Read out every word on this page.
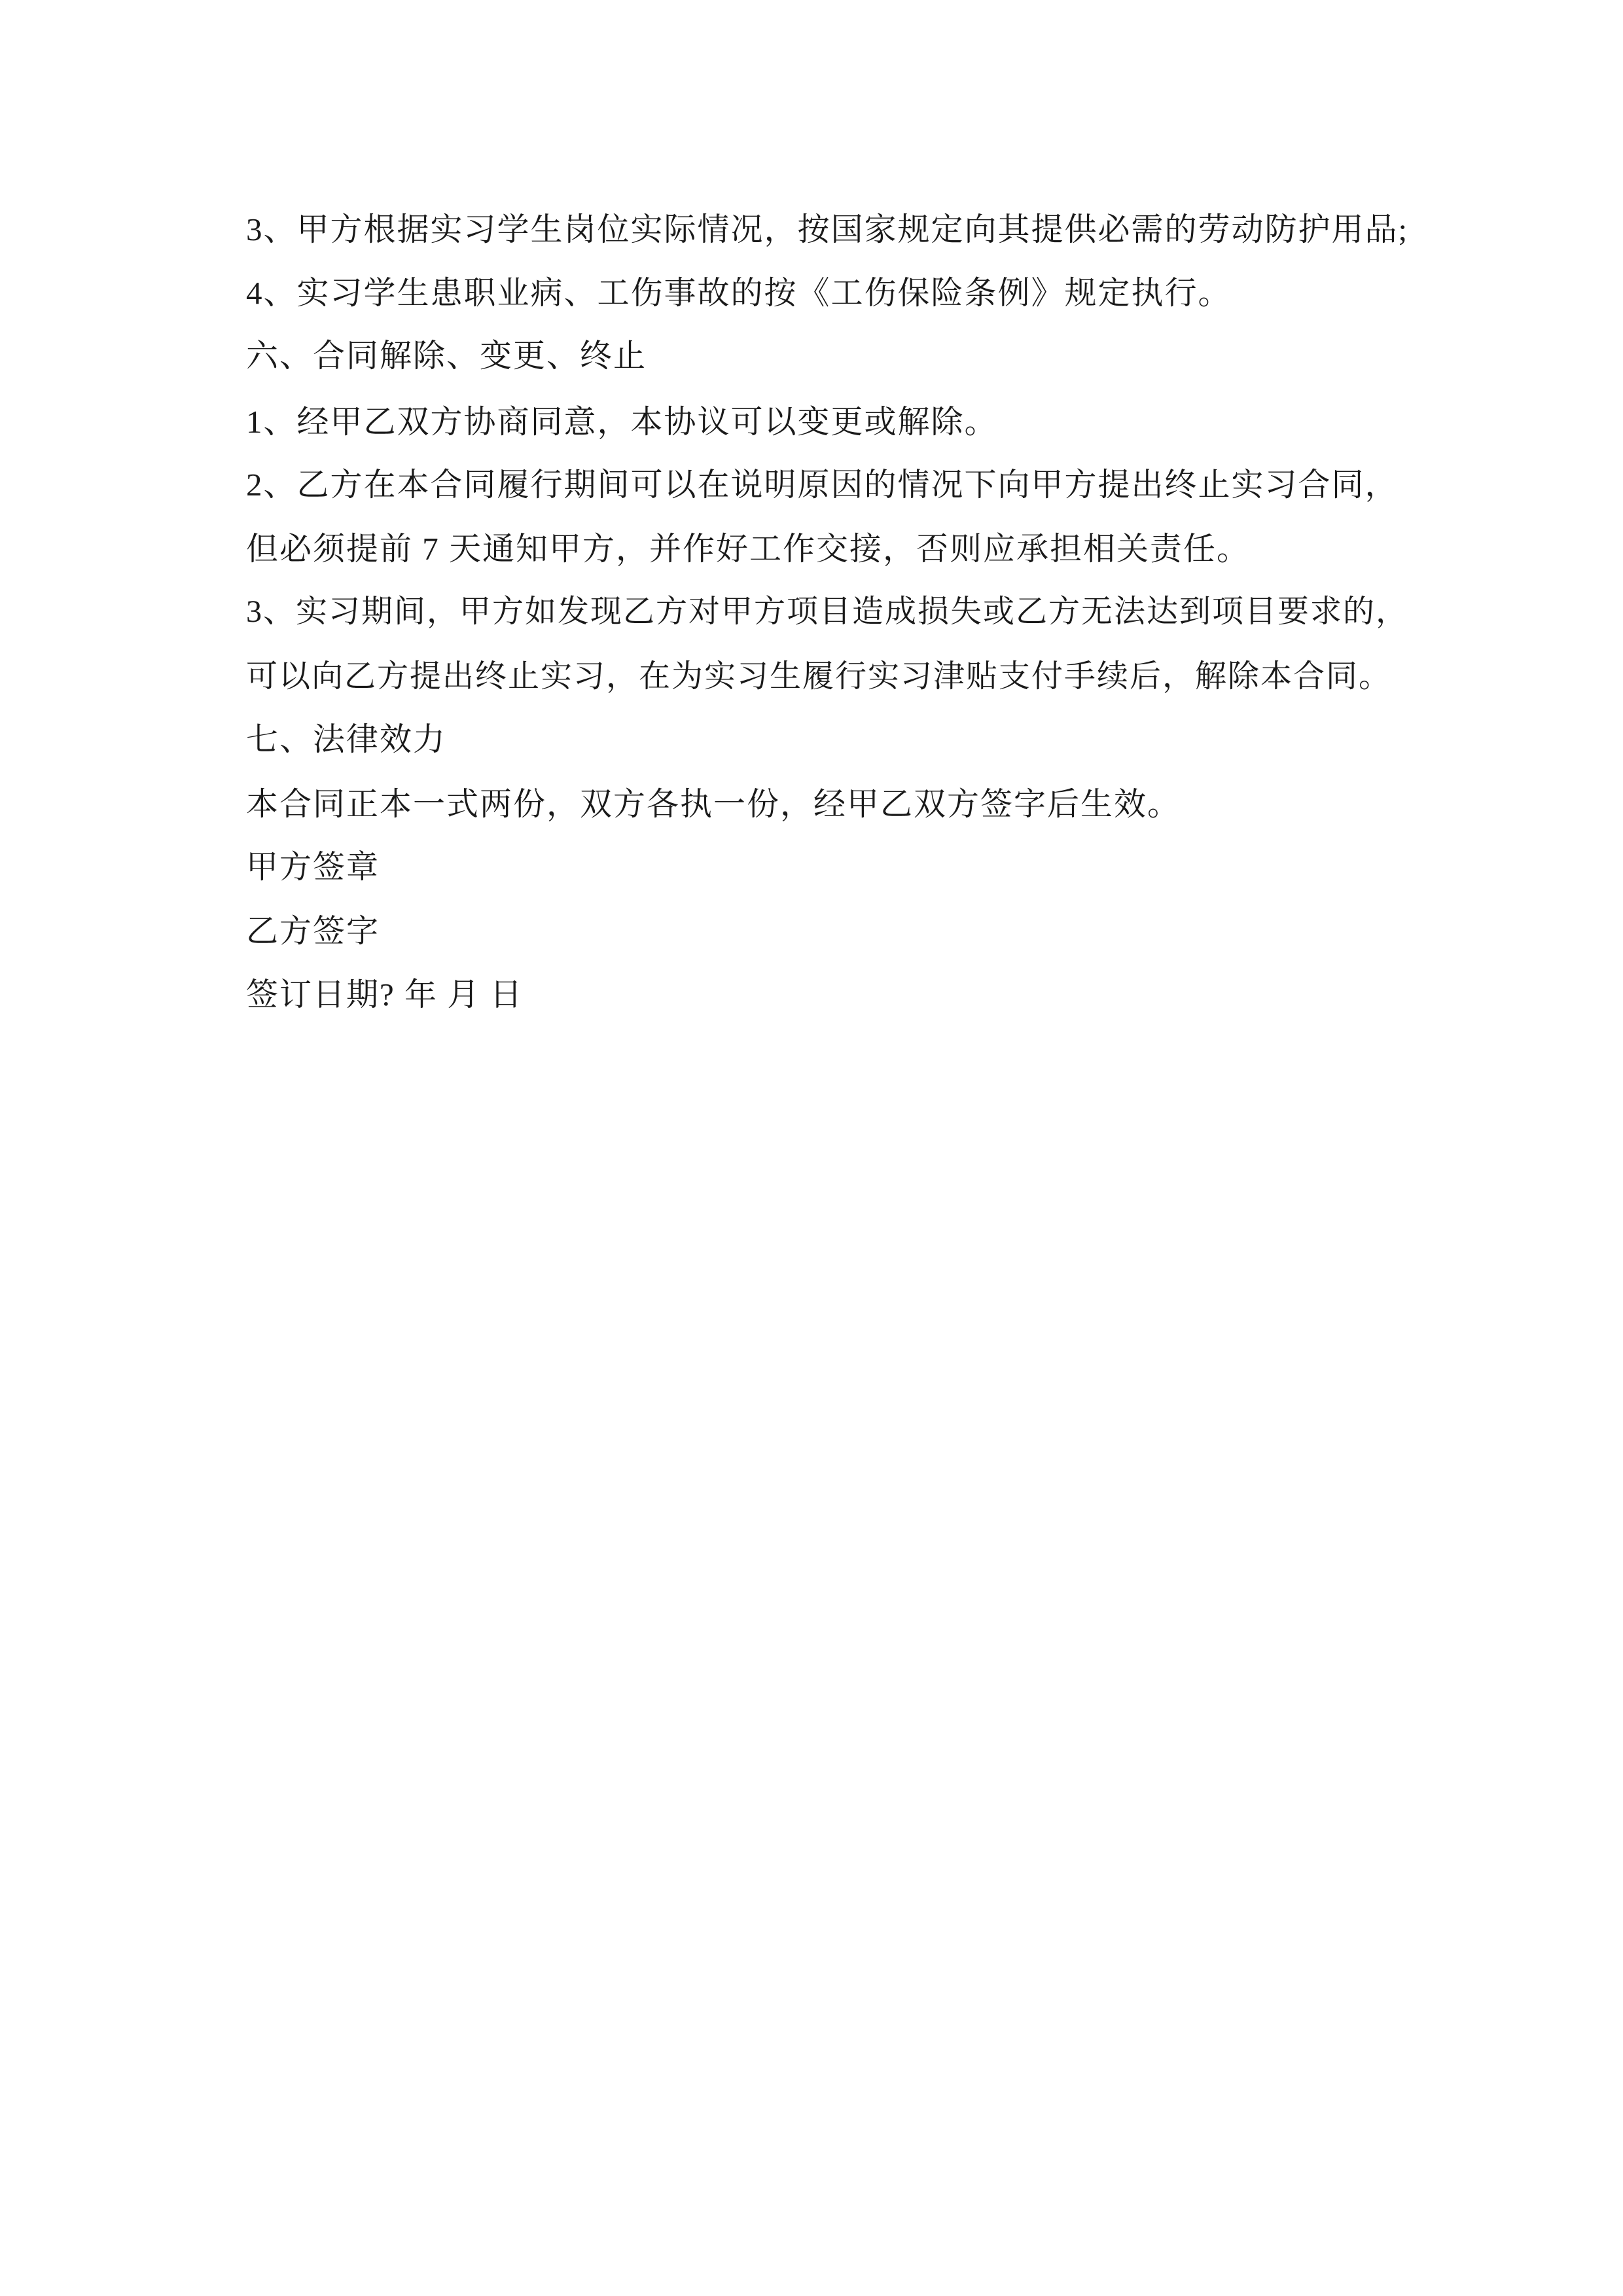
3、甲方根据实习学生岗位实际情况，按国家规定向其提供必需的劳动防护用品;
4、实习学生患职业病、工伤事故的按《工伤保险条例》规定执行。
六、合同解除、变更、终止
1、经甲乙双方协商同意，本协议可以变更或解除。
2、乙方在本合同履行期间可以在说明原因的情况下向甲方提出终止实习合同，
但必须提前 7 天通知甲方，并作好工作交接，否则应承担相关责任。
3、实习期间，甲方如发现乙方对甲方项目造成损失或乙方无法达到项目要求的，
可以向乙方提出终止实习，在为实习生履行实习津贴支付手续后，解除本合同。
七、法律效力
本合同正本一式两份，双方各执一份，经甲乙双方签字后生效。
甲方签章
乙方签字
签订日期? 年 月 日
